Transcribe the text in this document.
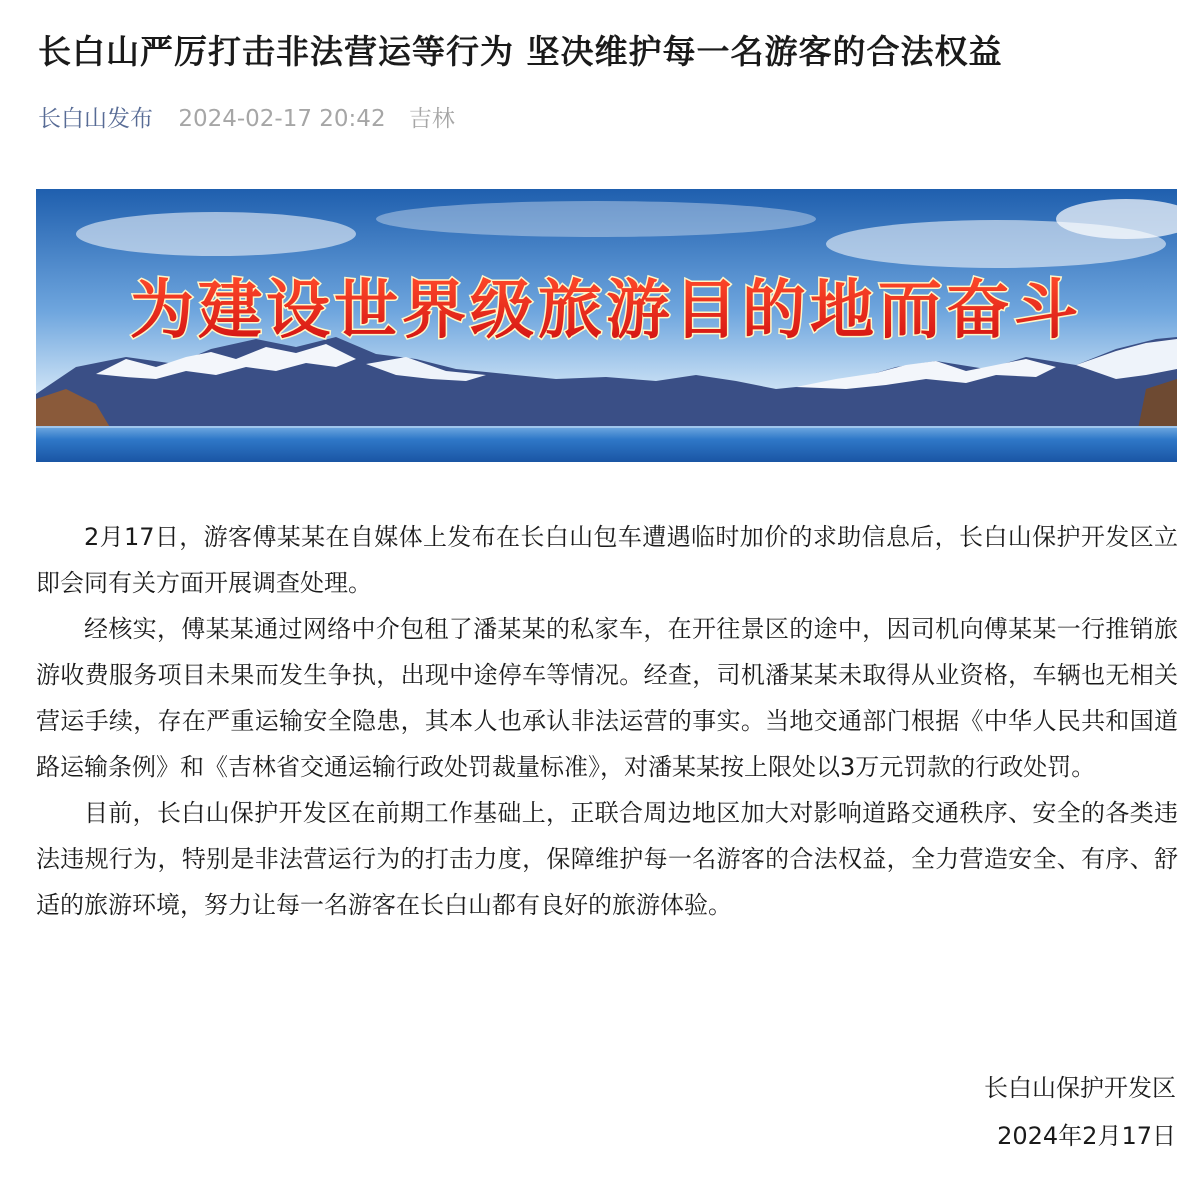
长白山严厉打击非法营运等行为 坚决维护每一名游客的合法权益
长白山发布 2024-02-17 20:42 吉林
为建设世界级旅游目的地而奋斗

2月17日，游客傅某某在自媒体上发布在长白山包车遭遇临时加价的求助信息后，长白山保护开发区立即会同有关方面开展调查处理。

经核实，傅某某通过网络中介包租了潘某某的私家车，在开往景区的途中，因司机向傅某某一行推销旅游收费服务项目未果而发生争执，出现中途停车等情况。经查，司机潘某某未取得从业资格，车辆也无相关营运手续，存在严重运输安全隐患，其本人也承认非法运营的事实。当地交通部门根据《中华人民共和国道路运输条例》和《吉林省交通运输行政处罚裁量标准》，对潘某某按上限处以3万元罚款的行政处罚。

目前，长白山保护开发区在前期工作基础上，正联合周边地区加大对影响道路交通秩序、安全的各类违法违规行为，特别是非法营运行为的打击力度，保障维护每一名游客的合法权益，全力营造安全、有序、舒适的旅游环境，努力让每一名游客在长白山都有良好的旅游体验。

长白山保护开发区
2024年2月17日
